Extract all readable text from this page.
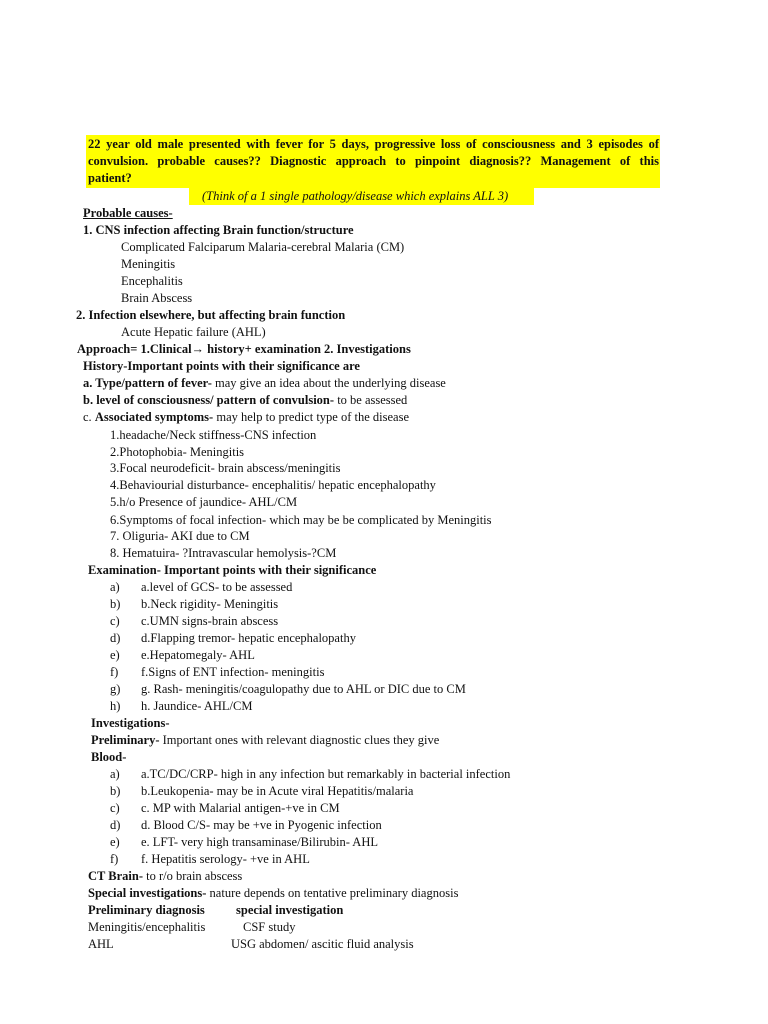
22 year old male presented with fever for 5 days, progressive loss of consciousness and 3 episodes of
convulsion. probable causes?? Diagnostic approach to pinpoint diagnosis?? Management of this
patient?
(Think of a 1 single pathology/disease which explains ALL 3)
Probable causes-
1. CNS infection affecting Brain function/structure
Complicated Falciparum Malaria-cerebral Malaria (CM)
Meningitis
Encephalitis
Brain Abscess
2. Infection elsewhere, but affecting brain function
Acute Hepatic failure (AHL)
Approach= 1.Clinical→ history+ examination 2. Investigations
History-Important points with their significance are
a. Type/pattern of fever- may give an idea about the underlying disease
b. level of consciousness/ pattern of convulsion- to be assessed
c. Associated symptoms- may help to predict type of the disease
1.headache/Neck stiffness-CNS infection
2.Photophobia- Meningitis
3.Focal neurodeficit- brain abscess/meningitis
4.Behaviourial disturbance- encephalitis/ hepatic encephalopathy
5.h/o Presence of jaundice- AHL/CM
6.Symptoms of focal infection- which may be be complicated by Meningitis
7. Oliguria- AKI due to CM
8. Hematuira- ?Intravascular hemolysis-?CM
Examination- Important points with their significance
a) a.level of GCS- to be assessed
b) b.Neck rigidity- Meningitis
c) c.UMN signs-brain abscess
d) d.Flapping tremor- hepatic encephalopathy
e) e.Hepatomegaly- AHL
f) f.Signs of ENT infection- meningitis
g) g. Rash- meningitis/coagulopathy due to AHL or DIC due to CM
h) h. Jaundice- AHL/CM
Investigations-
Preliminary- Important ones with relevant diagnostic clues they give
Blood-
a) a.TC/DC/CRP- high in any infection but remarkably in bacterial infection
b) b.Leukopenia- may be in Acute viral Hepatitis/malaria
c) c. MP with Malarial antigen-+ve in CM
d) d. Blood C/S- may be +ve in Pyogenic infection
e) e. LFT- very high transaminase/Bilirubin- AHL
f) f. Hepatitis serology- +ve in AHL
CT Brain- to r/o brain abscess
Special investigations- nature depends on tentative preliminary diagnosis
Preliminary diagnosis special investigation
Meningitis/encephalitis	CSF study
AHL	USG abdomen/ ascitic fluid analysis
